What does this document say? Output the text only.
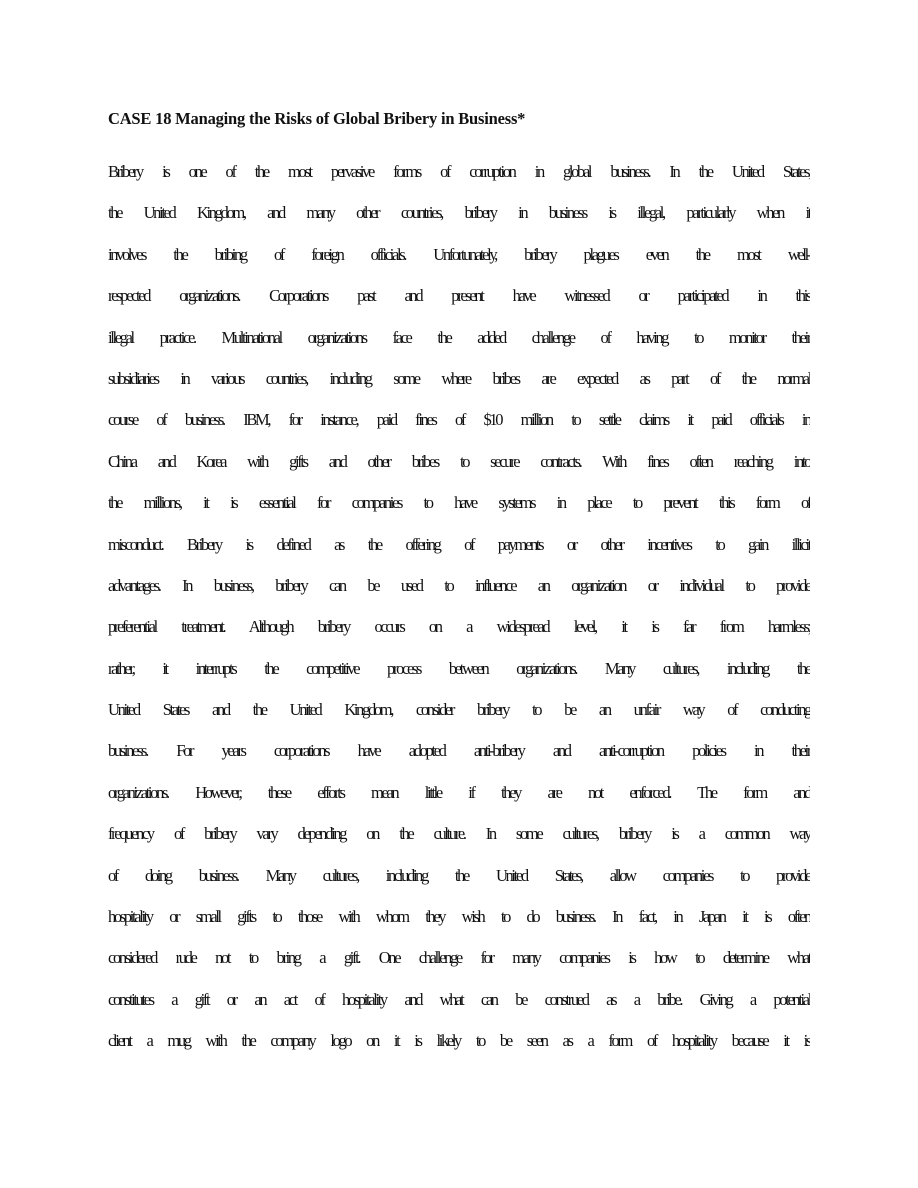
CASE 18 Managing the Risks of Global Bribery in Business*
Bribery is one of the most pervasive forms of corruption in global business. In the United States,
the United Kingdom, and many other countries, bribery in business is illegal, particularly when it
involves the bribing of foreign officials. Unfortunately, bribery plagues even the most well-
respected organizations. Corporations past and present have witnessed or participated in this
illegal practice. Multinational organizations face the added challenge of having to monitor their
subsidiaries in various countries, including some where bribes are expected as part of the normal
course of business. IBM, for instance, paid fines of $10 million to settle claims it paid officials in
China and Korea with gifts and other bribes to secure contracts. With fines often reaching into
the millions, it is essential for companies to have systems in place to prevent this form of
misconduct. Bribery is defined as the offering of payments or other incentives to gain illicit
advantages. In business, bribery can be used to influence an organization or individual to provide
preferential treatment. Although bribery occurs on a widespread level, it is far from harmless;
rather, it interrupts the competitive process between organizations. Many cultures, including the
United States and the United Kingdom, consider bribery to be an unfair way of conducting
business. For years corporations have adopted anti-bribery and anti-corruption policies in their
organizations. However, these efforts mean little if they are not enforced. The form and
frequency of bribery vary depending on the culture. In some cultures, bribery is a common way
of doing business. Many cultures, including the United States, allow companies to provide
hospitality or small gifts to those with whom they wish to do business. In fact, in Japan it is often
considered rude not to bring a gift. One challenge for many companies is how to determine what
constitutes a gift or an act of hospitality and what can be construed as a bribe. Giving a potential
client a mug with the company logo on it is likely to be seen as a form of hospitality because it is
